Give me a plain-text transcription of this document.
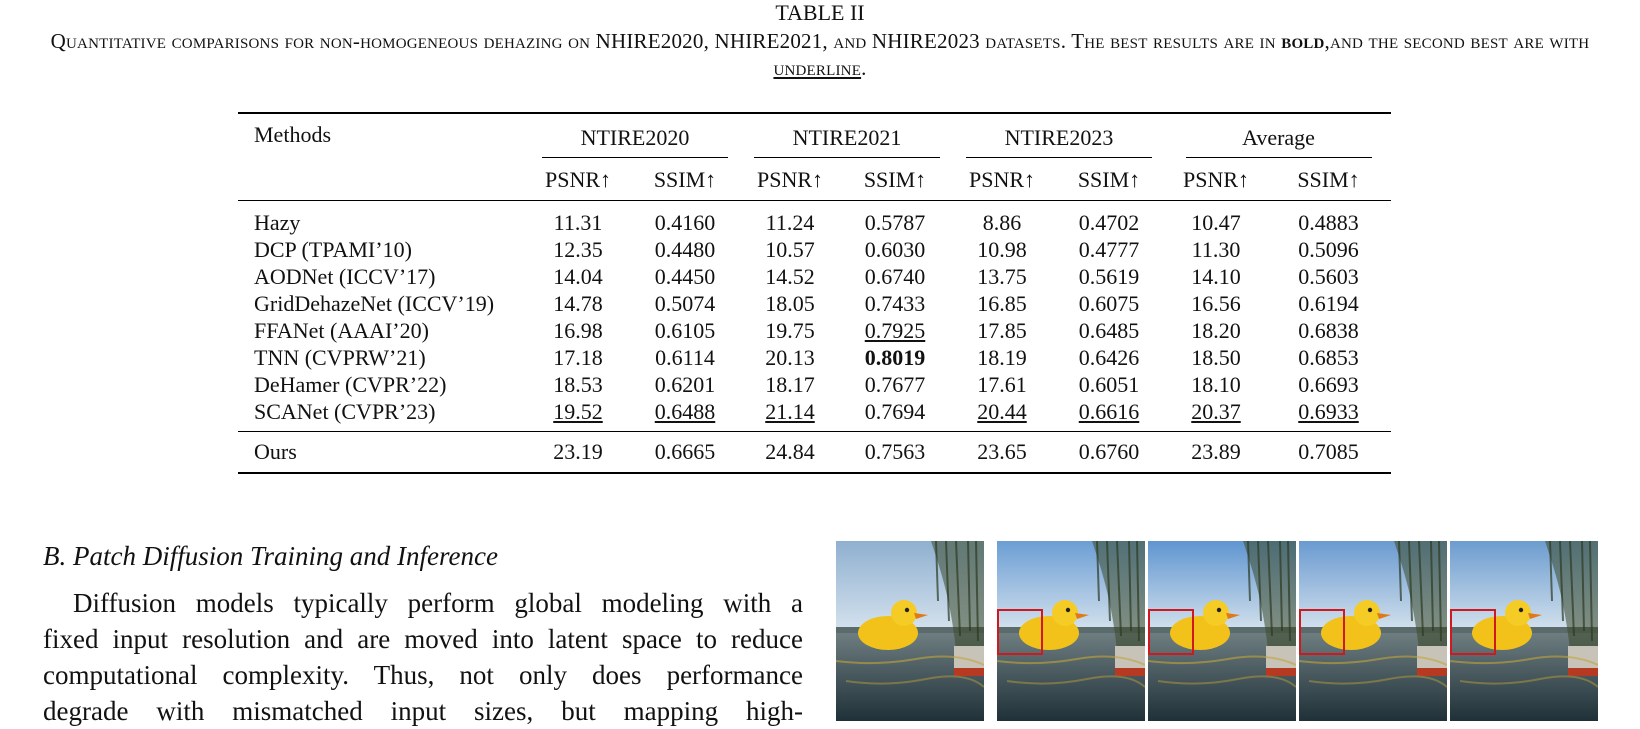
TABLE II
Quantitative comparisons for non-homogeneous dehazing on NHIRE2020, NHIRE2021, and NHIRE2023 datasets. The best results are in bold,and the second best are with underline.
Methods	NTIRE2020		NTIRE2021		NTIRE2023		Average	
	PSNR↑	SSIM↑	PSNR↑	SSIM↑	PSNR↑	SSIM↑	PSNR↑	SSIM↑
Hazy	11.31	0.4160	11.24	0.5787	8.86	0.4702	10.47	0.4883
DCP (TPAMI’10)	12.35	0.4480	10.57	0.6030	10.98	0.4777	11.30	0.5096
AODNet (ICCV’17)	14.04	0.4450	14.52	0.6740	13.75	0.5619	14.10	0.5603
GridDehazeNet (ICCV’19)	14.78	0.5074	18.05	0.7433	16.85	0.6075	16.56	0.6194
FFANet (AAAI’20)	16.98	0.6105	19.75	0.7925	17.85	0.6485	18.20	0.6838
TNN (CVPRW’21)	17.18	0.6114	20.13	0.8019	18.19	0.6426	18.50	0.6853
DeHamer (CVPR’22)	18.53	0.6201	18.17	0.7677	17.61	0.6051	18.10	0.6693
SCANet (CVPR’23)	19.52	0.6488	21.14	0.7694	20.44	0.6616	20.37	0.6933
Ours	23.19	0.6665	24.84	0.7563	23.65	0.6760	23.89	0.7085
B. Patch Diffusion Training and Inference
Diffusion models typically perform global modeling with a
fixed input resolution and are moved into latent space to reduce
computational complexity. Thus, not only does performance
degrade with mismatched input sizes, but mapping high-
